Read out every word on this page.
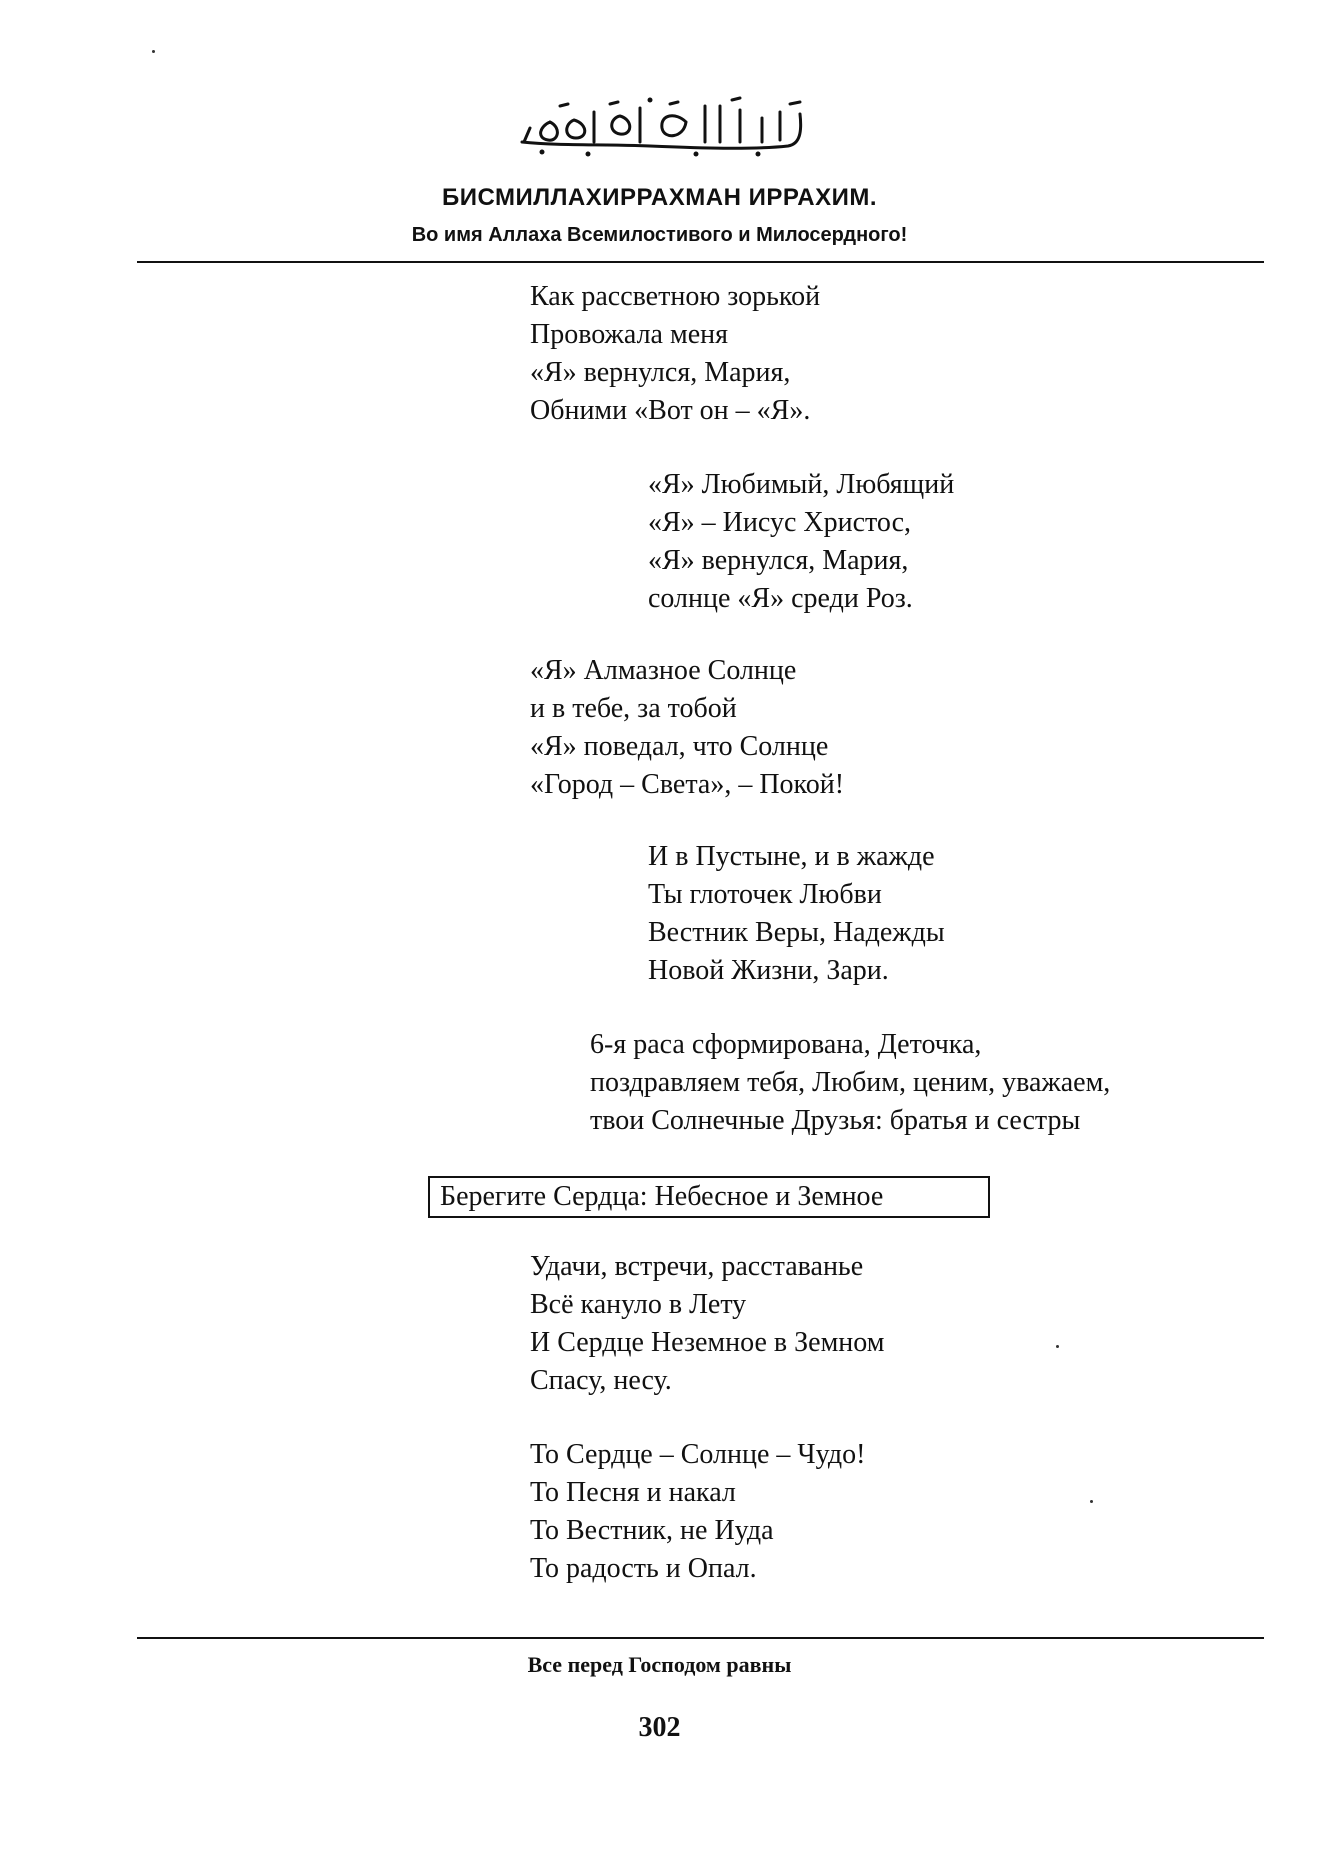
БИСМИЛЛАХИРРАХМАН ИРРАХИМ.
Во имя Аллаха Всемилостивого и Милосердного!
Как рассветною зорькой
Провожала меня
«Я» вернулся, Мария,
Обними «Вот он – «Я».
«Я» Любимый, Любящий
«Я» – Иисус Христос,
«Я» вернулся, Мария,
солнце «Я» среди Роз.
«Я» Алмазное Солнце
и в тебе, за тобой
«Я» поведал, что Солнце
«Город – Света», – Покой!
И в Пустыне, и в жажде
Ты глоточек Любви
Вестник Веры, Надежды
Новой Жизни, Зари.
6-я раса сформирована, Деточка,
поздравляем тебя, Любим, ценим, уважаем,
твои Солнечные Друзья: братья и сестры
Берегите Сердца: Небесное и Земное
Удачи, встречи, расставанье
Всё кануло в Лету
И Сердце Неземное в Земном
Спасу, несу.
То Сердце – Солнце – Чудо!
То Песня и накал
То Вестник, не Иуда
То радость и Опал.
Все перед Господом равны
302
